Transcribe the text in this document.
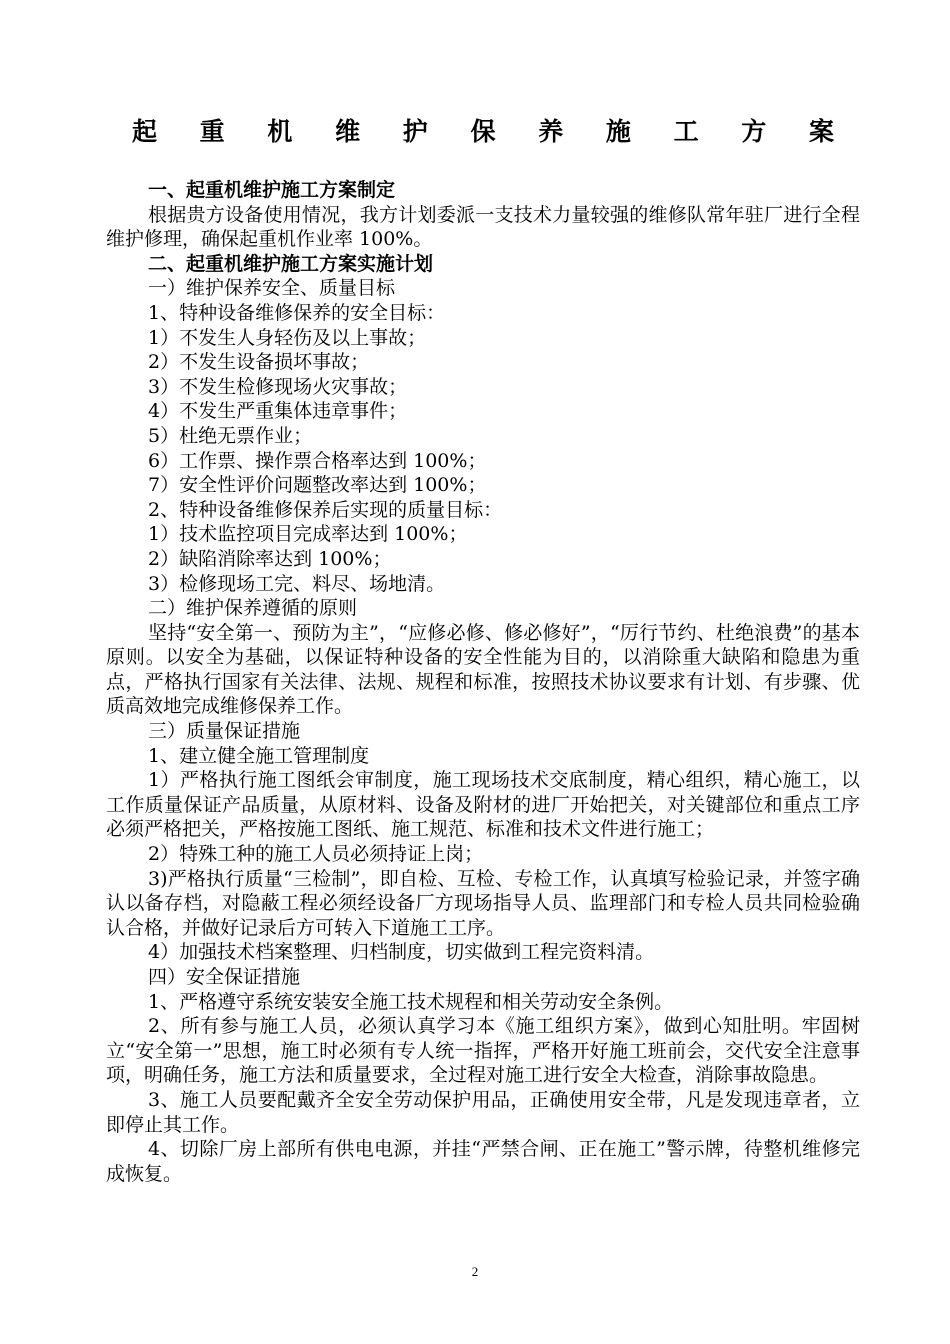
起 重 机 维 护 保 养 施 工 方 案

一、起重机维护施工方案制定

根据贵方设备使用情况，我方计划委派一支技术力量较强的维修队常年驻厂进行全程维护修理，确保起重机作业率 100%。

二、起重机维护施工方案实施计划

一）维护保养安全、质量目标

1、特种设备维修保养的安全目标：

1）不发生人身轻伤及以上事故；

2）不发生设备损坏事故；

3）不发生检修现场火灾事故；

4）不发生严重集体违章事件；

5）杜绝无票作业；

6）工作票、操作票合格率达到 100%；

7）安全性评价问题整改率达到 100%；

2、特种设备维修保养后实现的质量目标：

1）技术监控项目完成率达到 100%；

2）缺陷消除率达到 100%；

3）检修现场工完、料尽、场地清。

二）维护保养遵循的原则

坚持“安全第一、预防为主”，“应修必修、修必修好”，“厉行节约、杜绝浪费”的基本原则。以安全为基础，以保证特种设备的安全性能为目的，以消除重大缺陷和隐患为重点，严格执行国家有关法律、法规、规程和标准，按照技术协议要求有计划、有步骤、优质高效地完成维修保养工作。

三）质量保证措施

1、建立健全施工管理制度

1）严格执行施工图纸会审制度，施工现场技术交底制度，精心组织，精心施工，以工作质量保证产品质量，从原材料、设备及附材的进厂开始把关，对关键部位和重点工序必须严格把关，严格按施工图纸、施工规范、标准和技术文件进行施工；

2）特殊工种的施工人员必须持证上岗；

3)严格执行质量“三检制”，即自检、互检、专检工作，认真填写检验记录，并签字确认以备存档，对隐蔽工程必须经设备厂方现场指导人员、监理部门和专检人员共同检验确认合格，并做好记录后方可转入下道施工工序。

4）加强技术档案整理、归档制度，切实做到工程完资料清。

四）安全保证措施

1、严格遵守系统安装安全施工技术规程和相关劳动安全条例。

2、所有参与施工人员，必须认真学习本《施工组织方案》，做到心知肚明。牢固树立“安全第一”思想，施工时必须有专人统一指挥，严格开好施工班前会，交代安全注意事项，明确任务，施工方法和质量要求，全过程对施工进行安全大检查，消除事故隐患。

3、施工人员要配戴齐全安全劳动保护用品，正确使用安全带，凡是发现违章者，立即停止其工作。

4、切除厂房上部所有供电电源，并挂“严禁合闸、正在施工”警示牌，待整机维修完成恢复。

2
